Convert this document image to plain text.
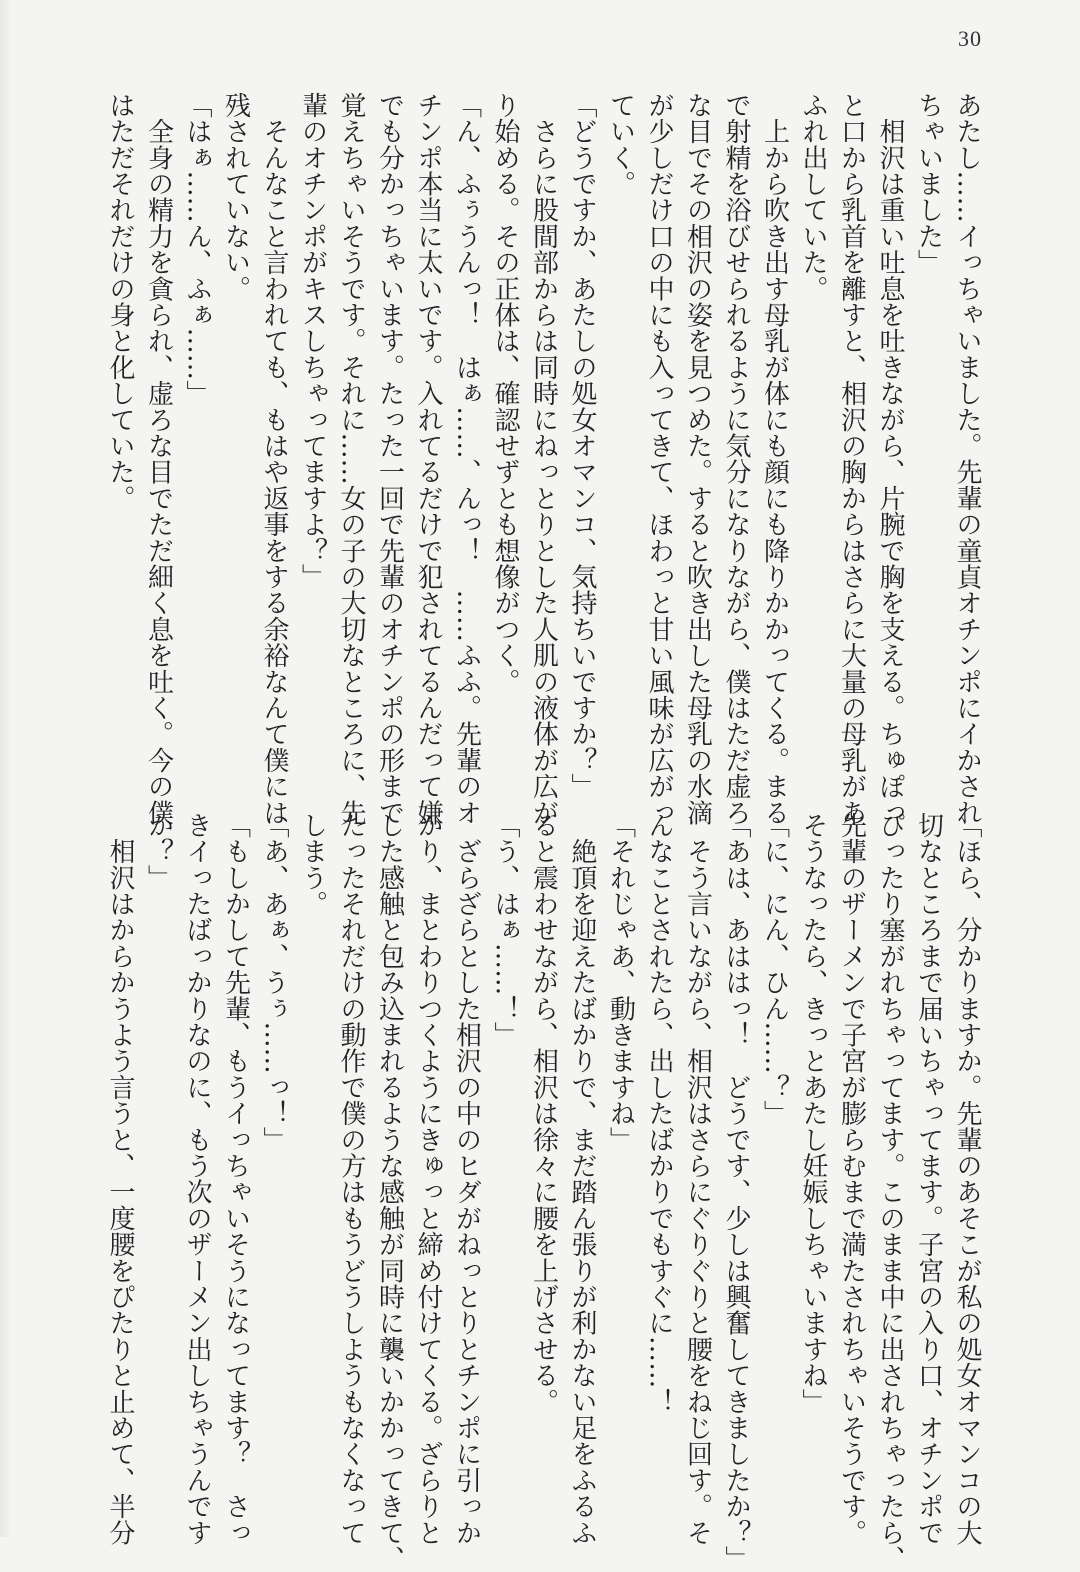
30
あたし……イっちゃいました。先輩の童貞オチンポにイかされ
ちゃいました」
　相沢は重い吐息を吐きながら、片腕で胸を支える。ちゅぽっ
と口から乳首を離すと、相沢の胸からはさらに大量の母乳があ
ふれ出していた。
　上から吹き出す母乳が体にも顔にも降りかかってくる。まる
で射精を浴びせられるように気分になりながら、僕はただ虚ろ
な目でその相沢の姿を見つめた。すると吹き出した母乳の水滴
が少しだけ口の中にも入ってきて、ほわっと甘い風味が広がっ
ていく。
「どうですか、あたしの処女オマンコ、気持ちいですか？」
　さらに股間部からは同時にねっとりとした人肌の液体が広が
り始める。その正体は、確認せずとも想像がつく。
「ん、ふぅうんっ！　はぁ……、んっ！　……ふふ。先輩のオ
チンポ本当に太いです。入れてるだけで犯されてるんだって嫌
でも分かっちゃいます。たった一回で先輩のオチンポの形まで
覚えちゃいそうです。それに……女の子の大切なところに、先
輩のオチンポがキスしちゃってますよ？」
　そんなこと言われても、もはや返事をする余裕なんて僕には
残されていない。
「はぁ……ん、ふぁ……」
　全身の精力を貪られ、虚ろな目でただ細く息を吐く。今の僕
はただそれだけの身と化していた。
「ほら、分かりますか。先輩のあそこが私の処女オマンコの大
切なところまで届いちゃってます。子宮の入り口、オチンポで
ぴったり塞がれちゃってます。このまま中に出されちゃったら、
先輩のザーメンで子宮が膨らむまで満たされちゃいそうです。
そうなったら、きっとあたし妊娠しちゃいますね」
「に、にん、ひん……？」
「あは、あははっ！　どうです、少しは興奮してきましたか？」
　そう言いながら、相沢はさらにぐりぐりと腰をねじ回す。そ
んなことされたら、出したばかりでもすぐに……！
「それじゃあ、動きますね」
　絶頂を迎えたばかりで、まだ踏ん張りが利かない足をふるふ
ると震わせながら、相沢は徐々に腰を上げさせる。
「う、はぁ……！」
　ざらざらとした相沢の中のヒダがねっとりとチンポに引っか
かり、まとわりつくようにきゅっと締め付けてくる。ざらりと
した感触と包み込まれるような感触が同時に襲いかかってきて、
たったそれだけの動作で僕の方はもうどうしようもなくなって
しまう。
「あ、あぁ、うぅ……っ！」
「もしかして先輩、もうイっちゃいそうになってます？　さっ
きイったばっかりなのに、もう次のザーメン出しちゃうんです
か？」
　相沢はからかうよう言うと、一度腰をぴたりと止めて、半分
